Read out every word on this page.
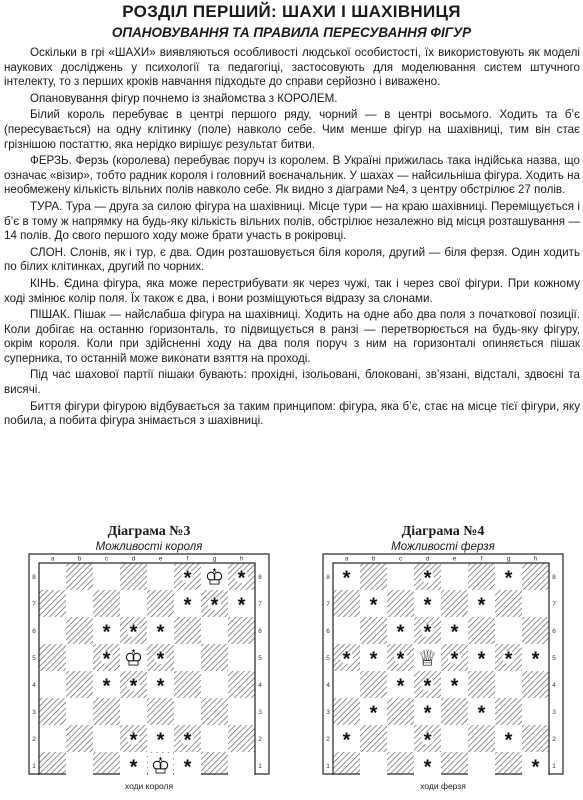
РОЗДІЛ ПЕРШИЙ: ШАХИ І ШАХІВНИЦЯ
ОПАНОВУВАННЯ ТА ПРАВИЛА ПЕРЕСУВАННЯ ФІГУР

Оскільки в грі «ШАХИ» виявляються особливості людської особистості, їх використовують як моделі наукових досліджень у психології та педагогіці, застосовують для моделювання систем штучного інтелекту, то з перших кроків навчання підходьте до справи серйозно і виважено.

Опановування фігур почнемо із знайомства з КОРОЛЕМ.

Білий король перебуває в центрі першого ряду, чорний — в центрі восьмого. Ходить та б’є (пересувається) на одну клітинку (поле) навколо себе. Чим менше фігур на шахівниці, тим він стає грізнішою постаттю, яка нерідко вирішує результат битви.

ФЕРЗЬ. Ферзь (королева) перебуває поруч із королем. В Україні прижилась така індійська назва, що означає «візир», тобто радник короля і головний воєначальник. У шахах — найсильніша фігура. Ходить на необмежену кількість вільних полів навколо себе. Як видно з діаграми №4, з центру обстрілює 27 полів.

ТУРА. Тура — друга за силою фігура на шахівниці. Місце тури — на краю шахівниці. Переміщується і б’є в тому ж напрямку на будь-яку кількість вільних полів, обстрілює незалежно від місця розташування — 14 полів. До свого першого ходу може брати участь в рокіровці.

СЛОН. Слонів, як і тур, є два. Один розташовується біля короля, другий — біля ферзя. Один ходить по білих клітинках, другий по чорних.

КІНЬ. Єдина фігура, яка може перестрибувати як через чужі, так і через свої фігури. При кожному ході змінює колір поля. Їх також є два, і вони розміщуються відразу за слонами.

ПІШАК. Пішак — найслабша фігура на шахівниці. Ходить на одне або два поля з початкової позиції. Коли добігає на останню горизонталь, то підвищується в ранзі — перетворюється на будь-яку фігуру, окрім короля. Коли при здійсненні ходу на два поля поруч з ним на горизонталі опиняється пішак суперника, то останній може виконати взяття на проході.

Під час шахової партії пішаки бувають: прохідні, ізольовані, блоковані, зв’язані, відсталі, здвоєні та висячі.

Биття фігури фігурою відбувається за таким принципом: фігура, яка б’є, стає на місце тієї фігури, яку побила, а побита фігура знімається з шахівниці.

Діаграма №3
Можливості короля
a	b	c	d	e	f	g	h
8	8
7	7
6	6
5	5
4	4
3	3
2	2
1	1
* * *
* *
* * *
* *
* * *
* * *
* *
♔
♔
♔
ходи короля
Діаграма №4
Можливості ферзя
a	b	c	d	e	f	g	h
8	8
7	7
6	6
5	5
4	4
3	3
2	2
1	1
*	*	*
* * *
* * *
* * * * * * *
* * *
* * *
*	*	*
*
*
♕
ходи ферзя
